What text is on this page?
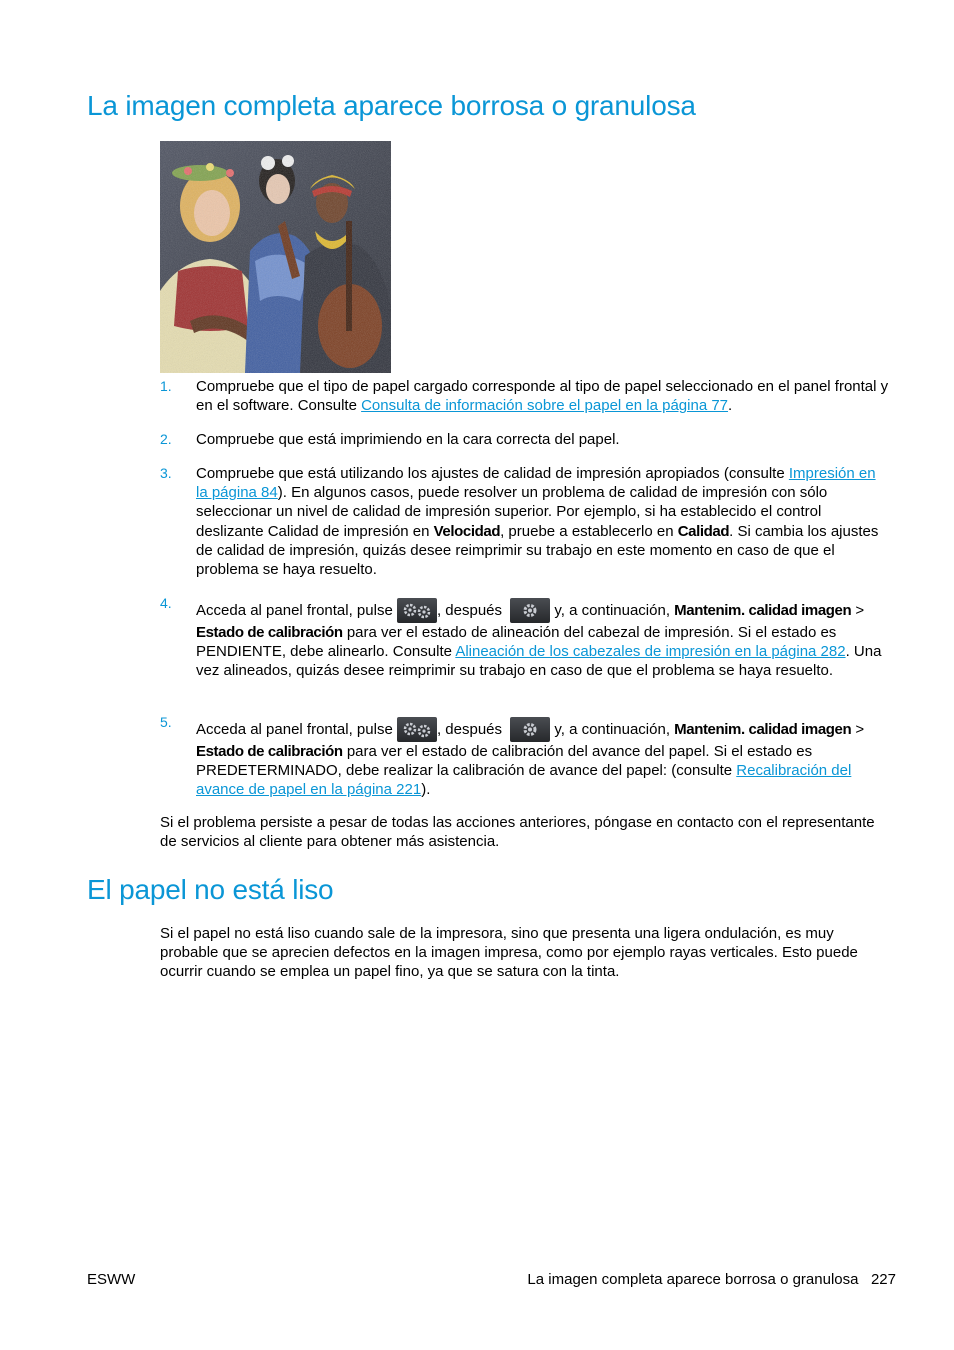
La imagen completa aparece borrosa o granulosa
1. Compruebe que el tipo de papel cargado corresponde al tipo de papel seleccionado en el panel frontal y en el software. Consulte Consulta de información sobre el papel en la página 77.
2. Compruebe que está imprimiendo en la cara correcta del papel.
3. Compruebe que está utilizando los ajustes de calidad de impresión apropiados (consulte Impresión en la página 84). En algunos casos, puede resolver un problema de calidad de impresión con sólo seleccionar un nivel de calidad de impresión superior. Por ejemplo, si ha establecido el control deslizante Calidad de impresión en Velocidad, pruebe a establecerlo en Calidad. Si cambia los ajustes de calidad de impresión, quizás desee reimprimir su trabajo en este momento en caso de que el problema se haya resuelto.
4. Acceda al panel frontal, pulse	, después	y, a continuación, Mantenim. calidad imagen > Estado de calibración para ver el estado de alineación del cabezal de impresión. Si el estado es PENDIENTE, debe alinearlo. Consulte Alineación de los cabezales de impresión en la página 282. Una vez alineados, quizás desee reimprimir su trabajo en caso de que el problema se haya resuelto.
5. Acceda al panel frontal, pulse	, después	y, a continuación, Mantenim. calidad imagen > Estado de calibración para ver el estado de calibración del avance del papel. Si el estado es PREDETERMINADO, debe realizar la calibración de avance del papel: (consulte Recalibración del avance de papel en la página 221).

Si el problema persiste a pesar de todas las acciones anteriores, póngase en contacto con el representante de servicios al cliente para obtener más asistencia.

El papel no está liso

Si el papel no está liso cuando sale de la impresora, sino que presenta una ligera ondulación, es muy probable que se aprecien defectos en la imagen impresa, como por ejemplo rayas verticales. Esto puede ocurrir cuando se emplea un papel fino, ya que se satura con la tinta.

ESWW	La imagen completa aparece borrosa o granulosa   227
